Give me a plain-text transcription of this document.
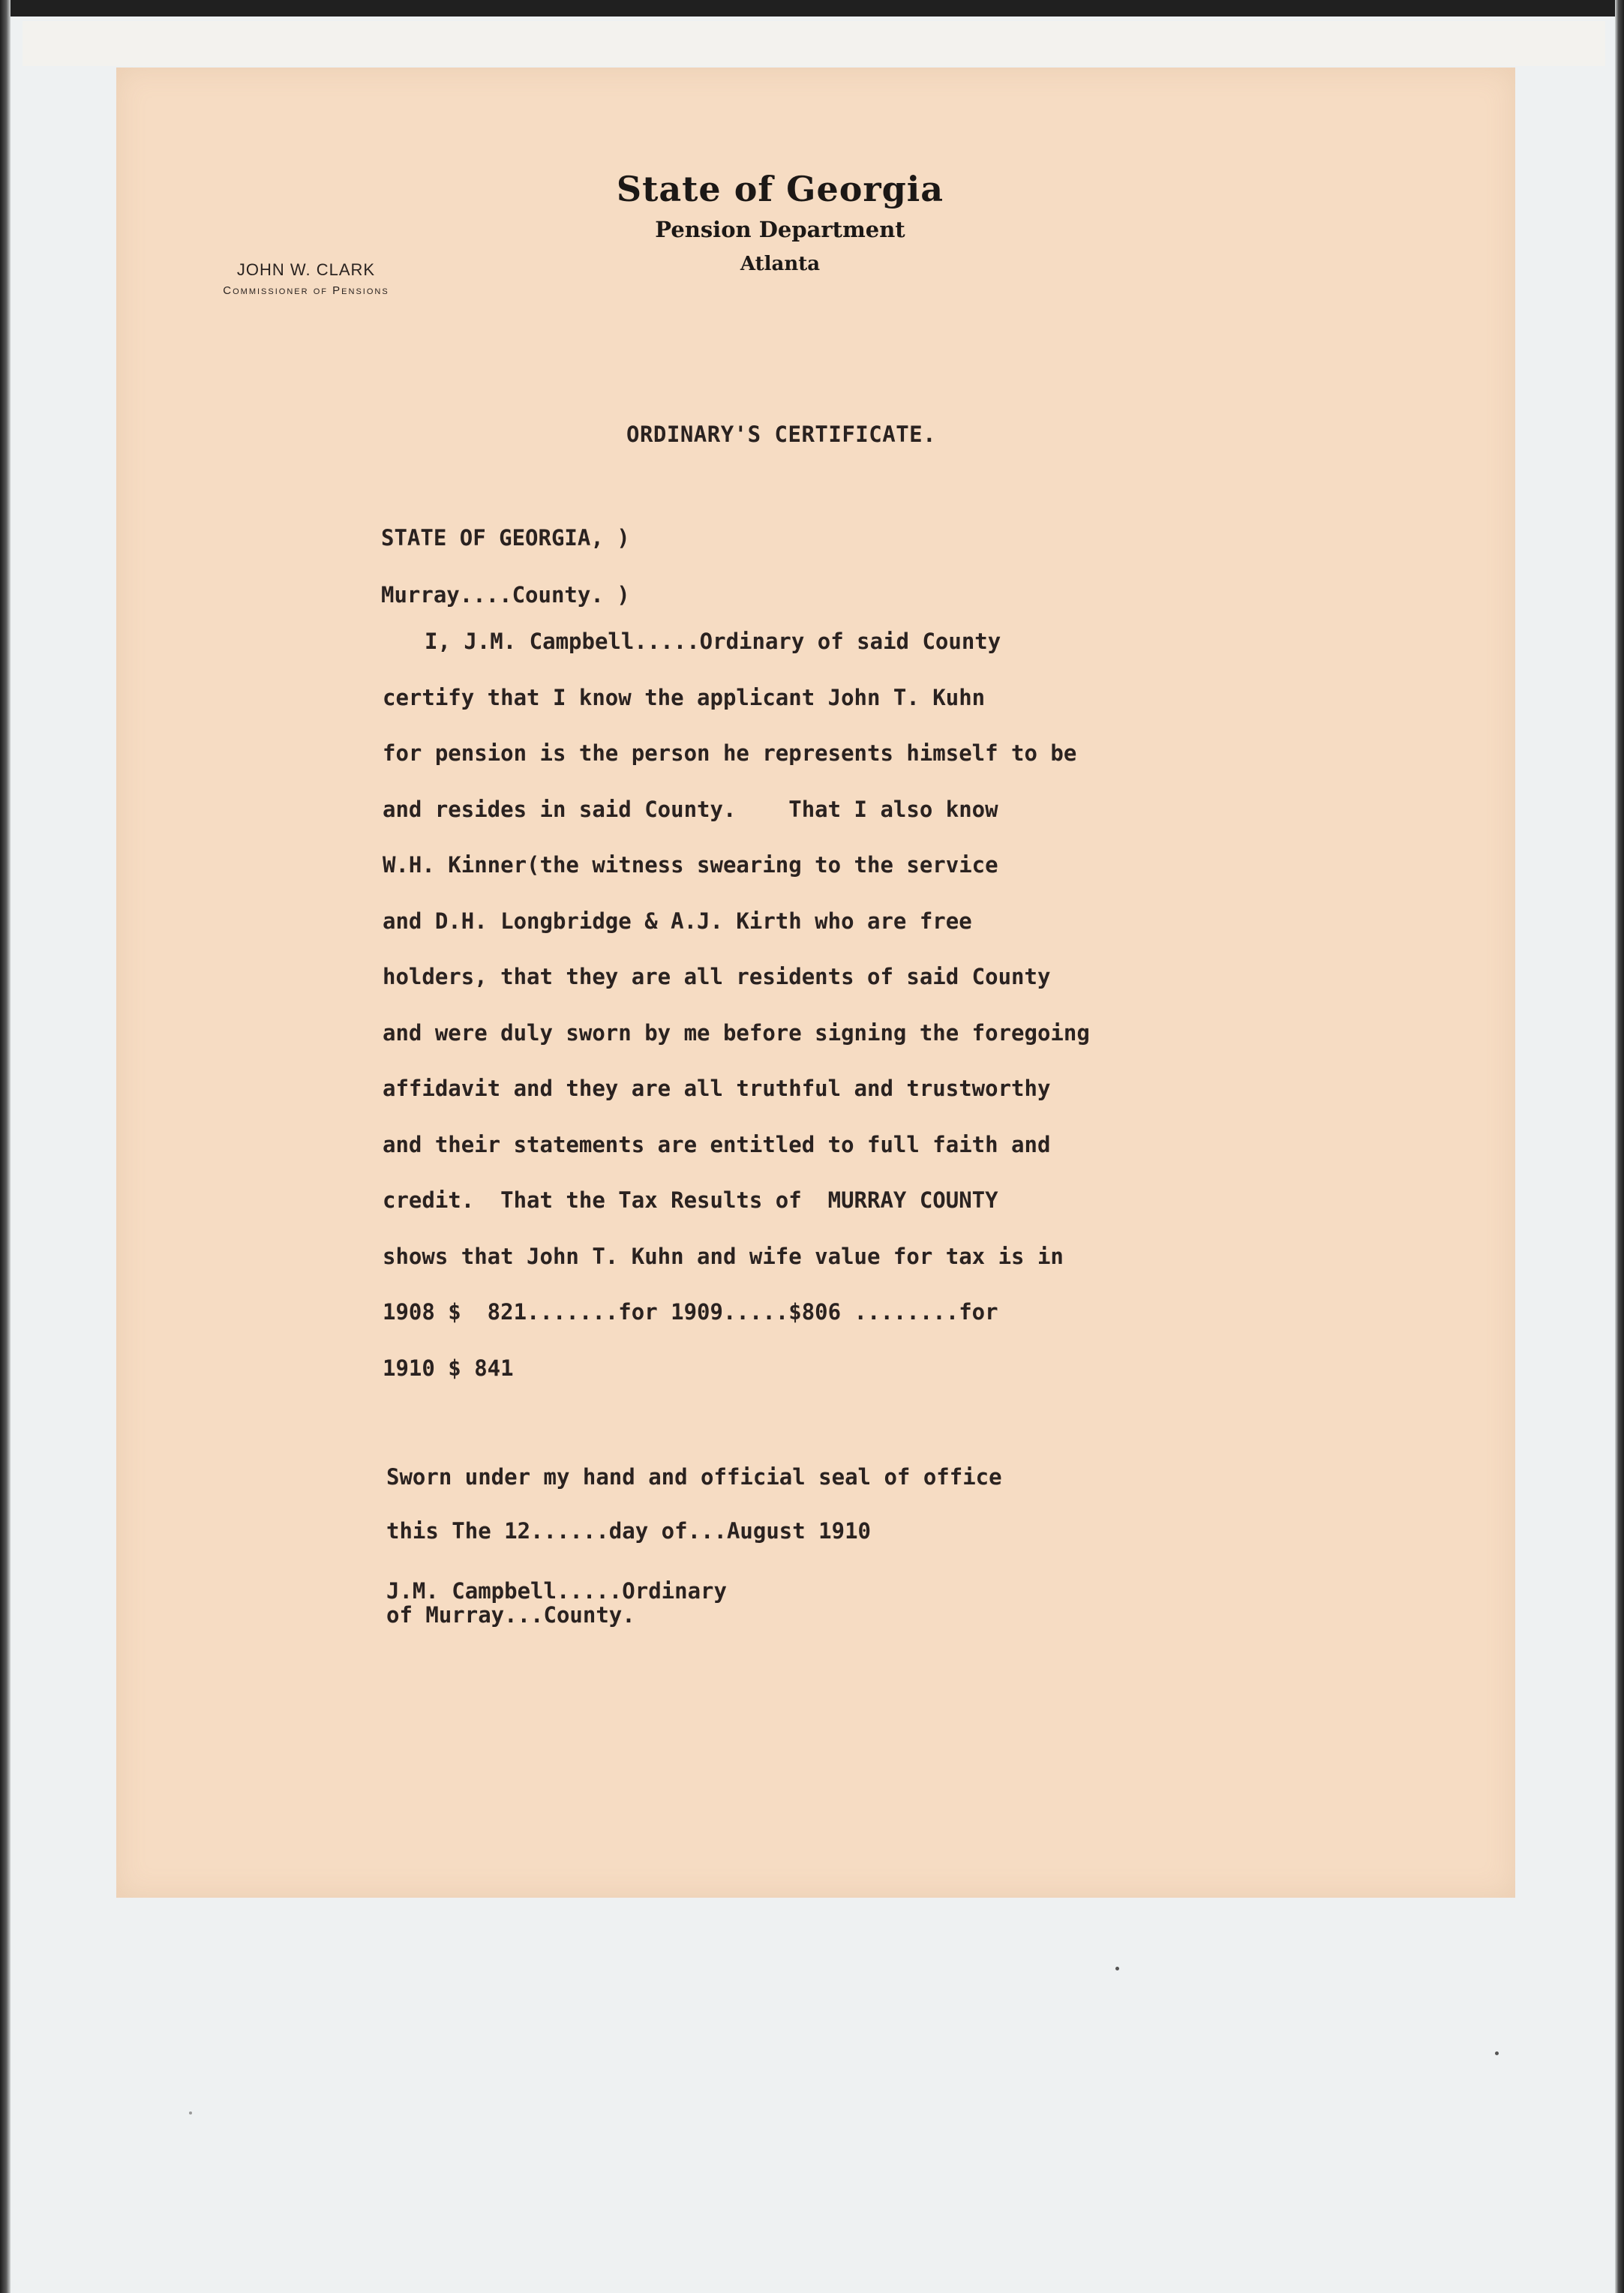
JOHN W. CLARK
Commissioner of Pensions
State of Georgia
Pension Department
Atlanta
ORDINARY'S CERTIFICATE.
STATE OF GEORGIA, )
Murray....County. )
I, J.M. Campbell.....Ordinary of said County
certify that I know the applicant John T. Kuhn
for pension is the person he represents himself to be
and resides in said County.    That I also know
W.H. Kinner(the witness swearing to the service
and D.H. Longbridge & A.J. Kirth who are free
holders, that they are all residents of said County
and were duly sworn by me before signing the foregoing
affidavit and they are all truthful and trustworthy
and their statements are entitled to full faith and
credit.  That the Tax Results of  MURRAY COUNTY
shows that John T. Kuhn and wife value for tax is in
1908 $  821.......for 1909.....$806 ........for
1910 $ 841
Sworn under my hand and official seal of office
this The 12......day of...August 1910
J.M. Campbell.....Ordinary
of Murray...County.
